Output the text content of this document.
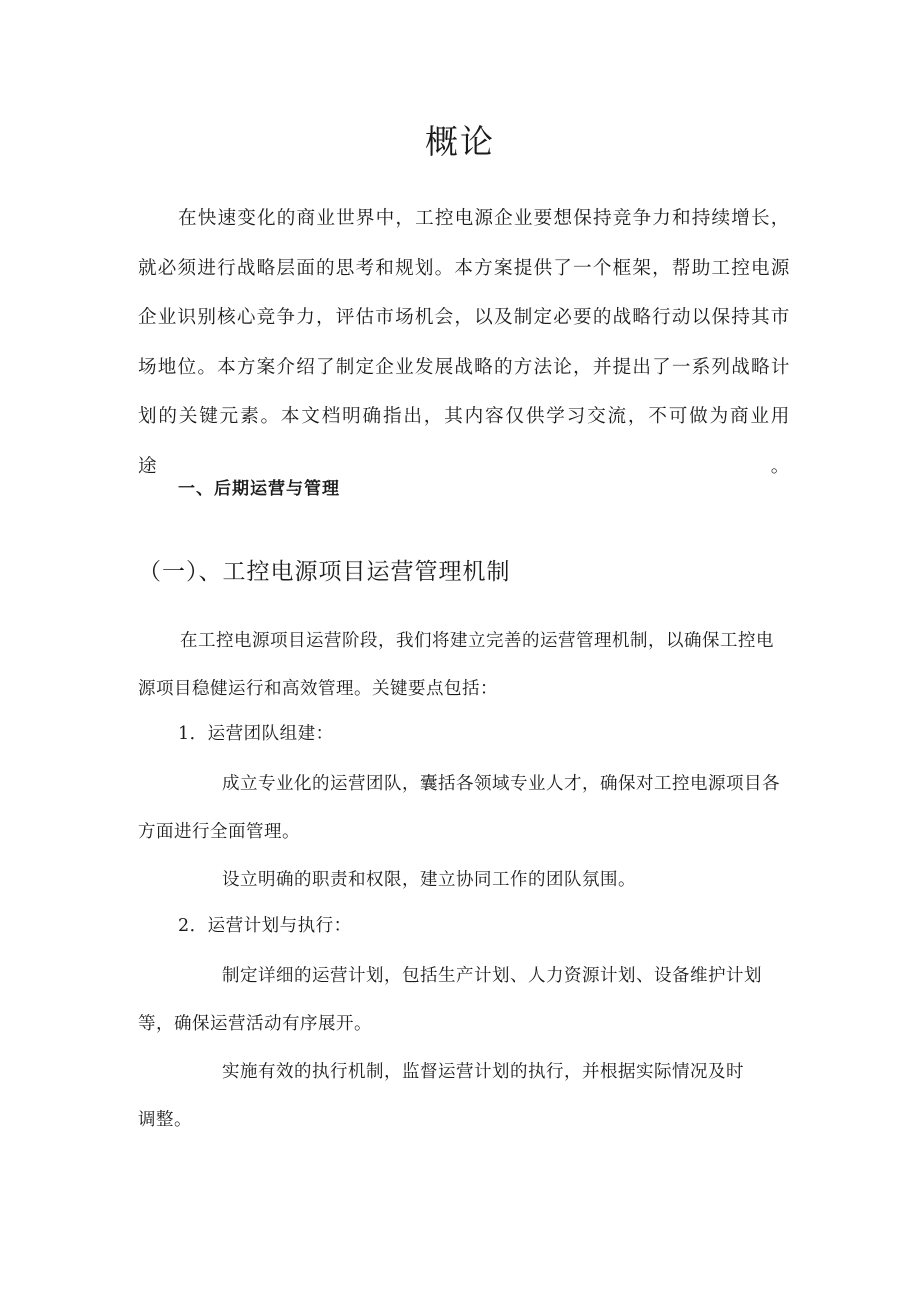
概论

在快速变化的商业世界中，工控电源企业要想保持竞争力和持续增长，就必须进行战略层面的思考和规划。本方案提供了一个框架，帮助工控电源企业识别核心竞争力，评估市场机会，以及制定必要的战略行动以保持其市场地位。本方案介绍了制定企业发展战略的方法论，并提出了一系列战略计划的关键元素。本文档明确指出，其内容仅供学习交流，不可做为商业用途。

一、后期运营与管理
（一）、工控电源项目运营管理机制

在工控电源项目运营阶段，我们将建立完善的运营管理机制，以确保工控电源项目稳健运行和高效管理。关键要点包括：

1．运营团队组建：

成立专业化的运营团队，囊括各领域专业人才，确保对工控电源项目各方面进行全面管理。

设立明确的职责和权限，建立协同工作的团队氛围。

2．运营计划与执行：

制定详细的运营计划，包括生产计划、人力资源计划、设备维护计划等，确保运营活动有序展开。

实施有效的执行机制，监督运营计划的执行，并根据实际情况及时调整。
